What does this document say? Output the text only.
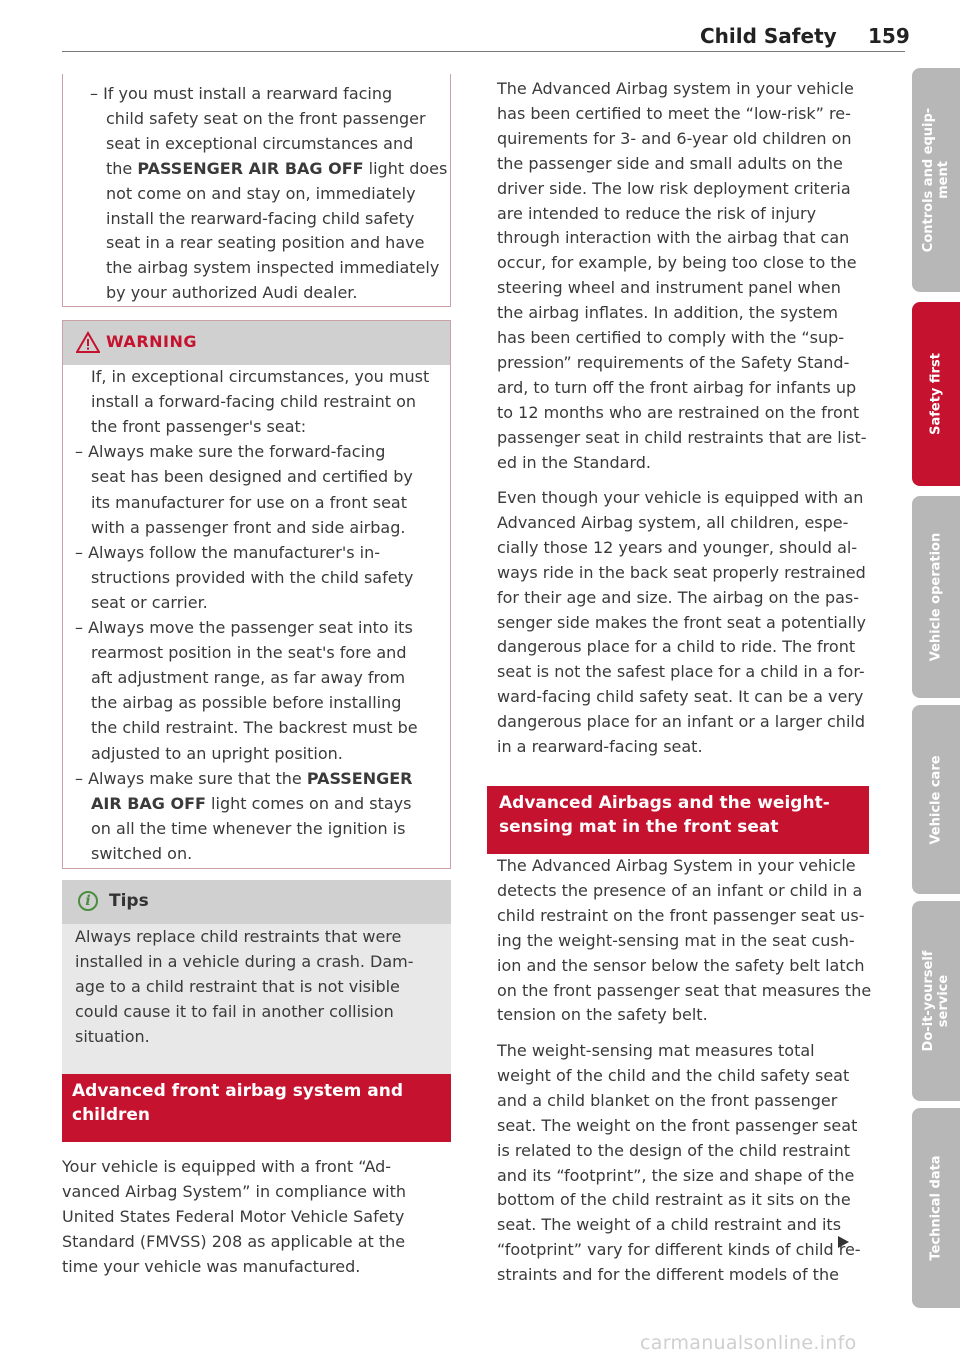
Child Safety 159
WARNING
i	Tips
Advanced front airbag system and
children
Advanced Airbags and the weight-
sensing mat in the front seat
Controls and equip-
ment
Safety first
Vehicle operation
Vehicle care
Do-it-yourself
service
Technical data
carmanualsonline.info
– If you must install a rearward facing
child safety seat on the front passenger
seat in exceptional circumstances and
the PASSENGER AIR BAG OFF light does
not come on and stay on, immediately
install the rearward-facing child safety
seat in a rear seating position and have
the airbag system inspected immediately
by your authorized Audi dealer.
If, in exceptional circumstances, you must
install a forward-facing child restraint on
the front passenger's seat:
– Always make sure the forward-facing
seat has been designed and certified by
its manufacturer for use on a front seat
with a passenger front and side airbag.
– Always follow the manufacturer's in-
structions provided with the child safety
seat or carrier.
– Always move the passenger seat into its
rearmost position in the seat's fore and
aft adjustment range, as far away from
the airbag as possible before installing
the child restraint. The backrest must be
adjusted to an upright position.
– Always make sure that the PASSENGER
AIR BAG OFF light comes on and stays
on all the time whenever the ignition is
switched on.
Always replace child restraints that were
installed in a vehicle during a crash. Dam-
age to a child restraint that is not visible
could cause it to fail in another collision
situation.
Your vehicle is equipped with a front “Ad-
vanced Airbag System” in compliance with
United States Federal Motor Vehicle Safety
Standard (FMVSS) 208 as applicable at the
time your vehicle was manufactured.
The Advanced Airbag system in your vehicle
has been certified to meet the “low-risk” re-
quirements for 3- and 6-year old children on
the passenger side and small adults on the
driver side. The low risk deployment criteria
are intended to reduce the risk of injury
through interaction with the airbag that can
occur, for example, by being too close to the
steering wheel and instrument panel when
the airbag inflates. In addition, the system
has been certified to comply with the “sup-
pression” requirements of the Safety Stand-
ard, to turn off the front airbag for infants up
to 12 months who are restrained on the front
passenger seat in child restraints that are list-
ed in the Standard.
Even though your vehicle is equipped with an
Advanced Airbag system, all children, espe-
cially those 12 years and younger, should al-
ways ride in the back seat properly restrained
for their age and size. The airbag on the pas-
senger side makes the front seat a potentially
dangerous place for a child to ride. The front
seat is not the safest place for a child in a for-
ward-facing child safety seat. It can be a very
dangerous place for an infant or a larger child
in a rearward-facing seat.
The Advanced Airbag System in your vehicle
detects the presence of an infant or child in a
child restraint on the front passenger seat us-
ing the weight-sensing mat in the seat cush-
ion and the sensor below the safety belt latch
on the front passenger seat that measures the
tension on the safety belt.
The weight-sensing mat measures total
weight of the child and the child safety seat
and a child blanket on the front passenger
seat. The weight on the front passenger seat
is related to the design of the child restraint
and its “footprint”, the size and shape of the
bottom of the child restraint as it sits on the
seat. The weight of a child restraint and its
“footprint” vary for different kinds of child re-
straints and for the different models of the
